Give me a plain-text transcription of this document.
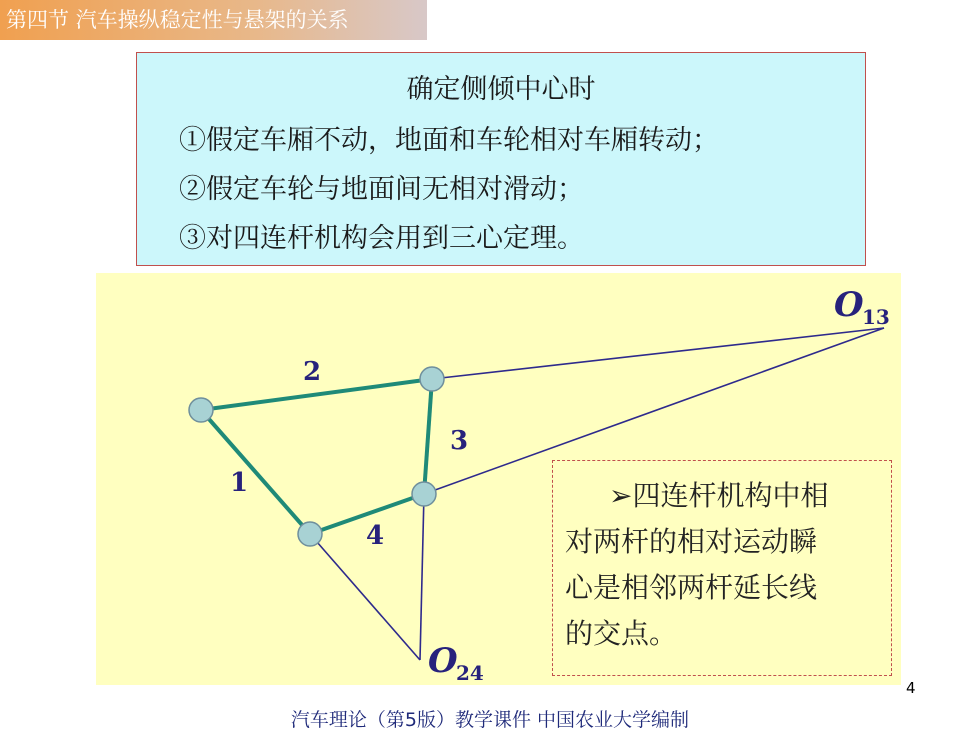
第四节 汽车操纵稳定性与悬架的关系
确定侧倾中心时
①假定车厢不动，地面和车轮相对车厢转动；
②假定车轮与地面间无相对滑动；
③对四连杆机构会用到三心定理。
2
1
3
4
O
13
O
24
➢四连杆机构中相
对两杆的相对运动瞬
心是相邻两杆延长线
的交点。
4
汽车理论（第5版）教学课件 中国农业大学编制
